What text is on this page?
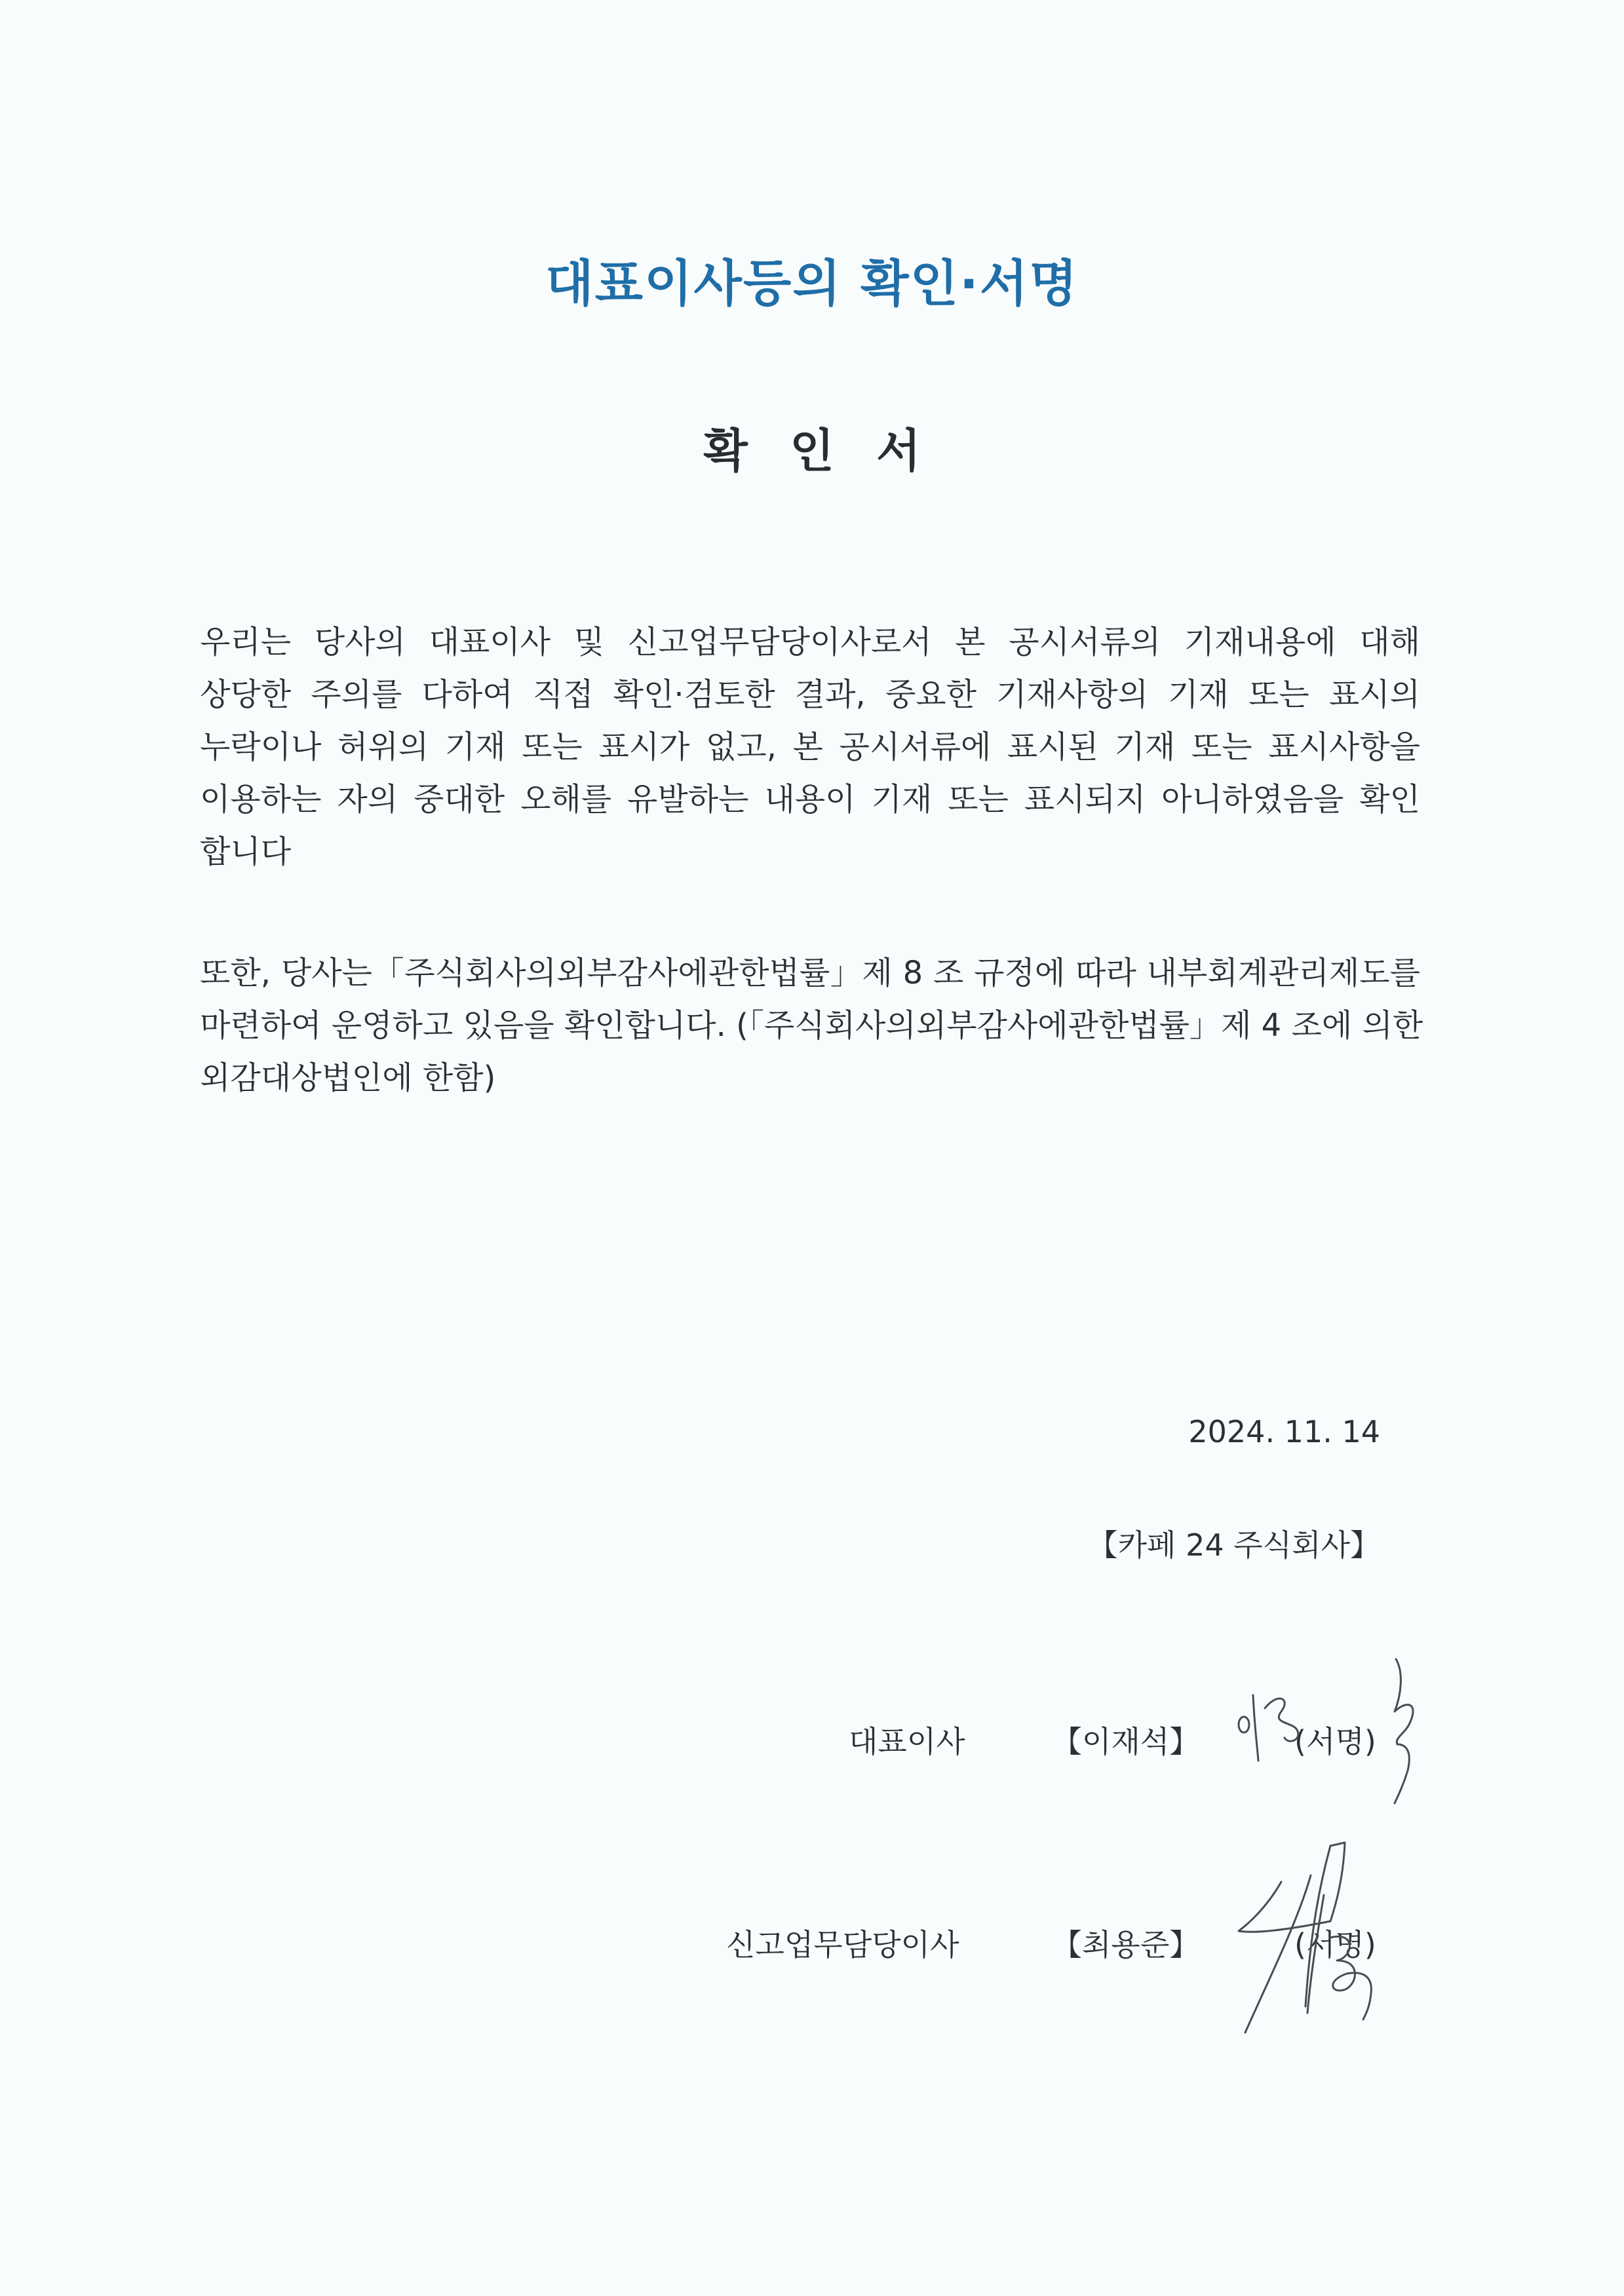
대표이사등의 확인·서명
확 인 서
우리는 당사의 대표이사 및 신고업무담당이사로서 본 공시서류의 기재내용에 대해
상당한 주의를 다하여 직접 확인·검토한 결과, 중요한 기재사항의 기재 또는 표시의
누락이나 허위의 기재 또는 표시가 없고, 본 공시서류에 표시된 기재 또는 표시사항을
이용하는 자의 중대한 오해를 유발하는 내용이 기재 또는 표시되지 아니하였음을 확인
합니다
또한, 당사는「주식회사의외부감사에관한법률」제 8 조 규정에 따라 내부회계관리제도를
마련하여 운영하고 있음을 확인합니다. (「주식회사의외부감사에관한법률」제 4 조에 의한
외감대상법인에 한함)
2024. 11. 14
【카페 24 주식회사】
대표이사	【이재석】	(서명)
신고업무담당이사	【최용준】	(서명)
